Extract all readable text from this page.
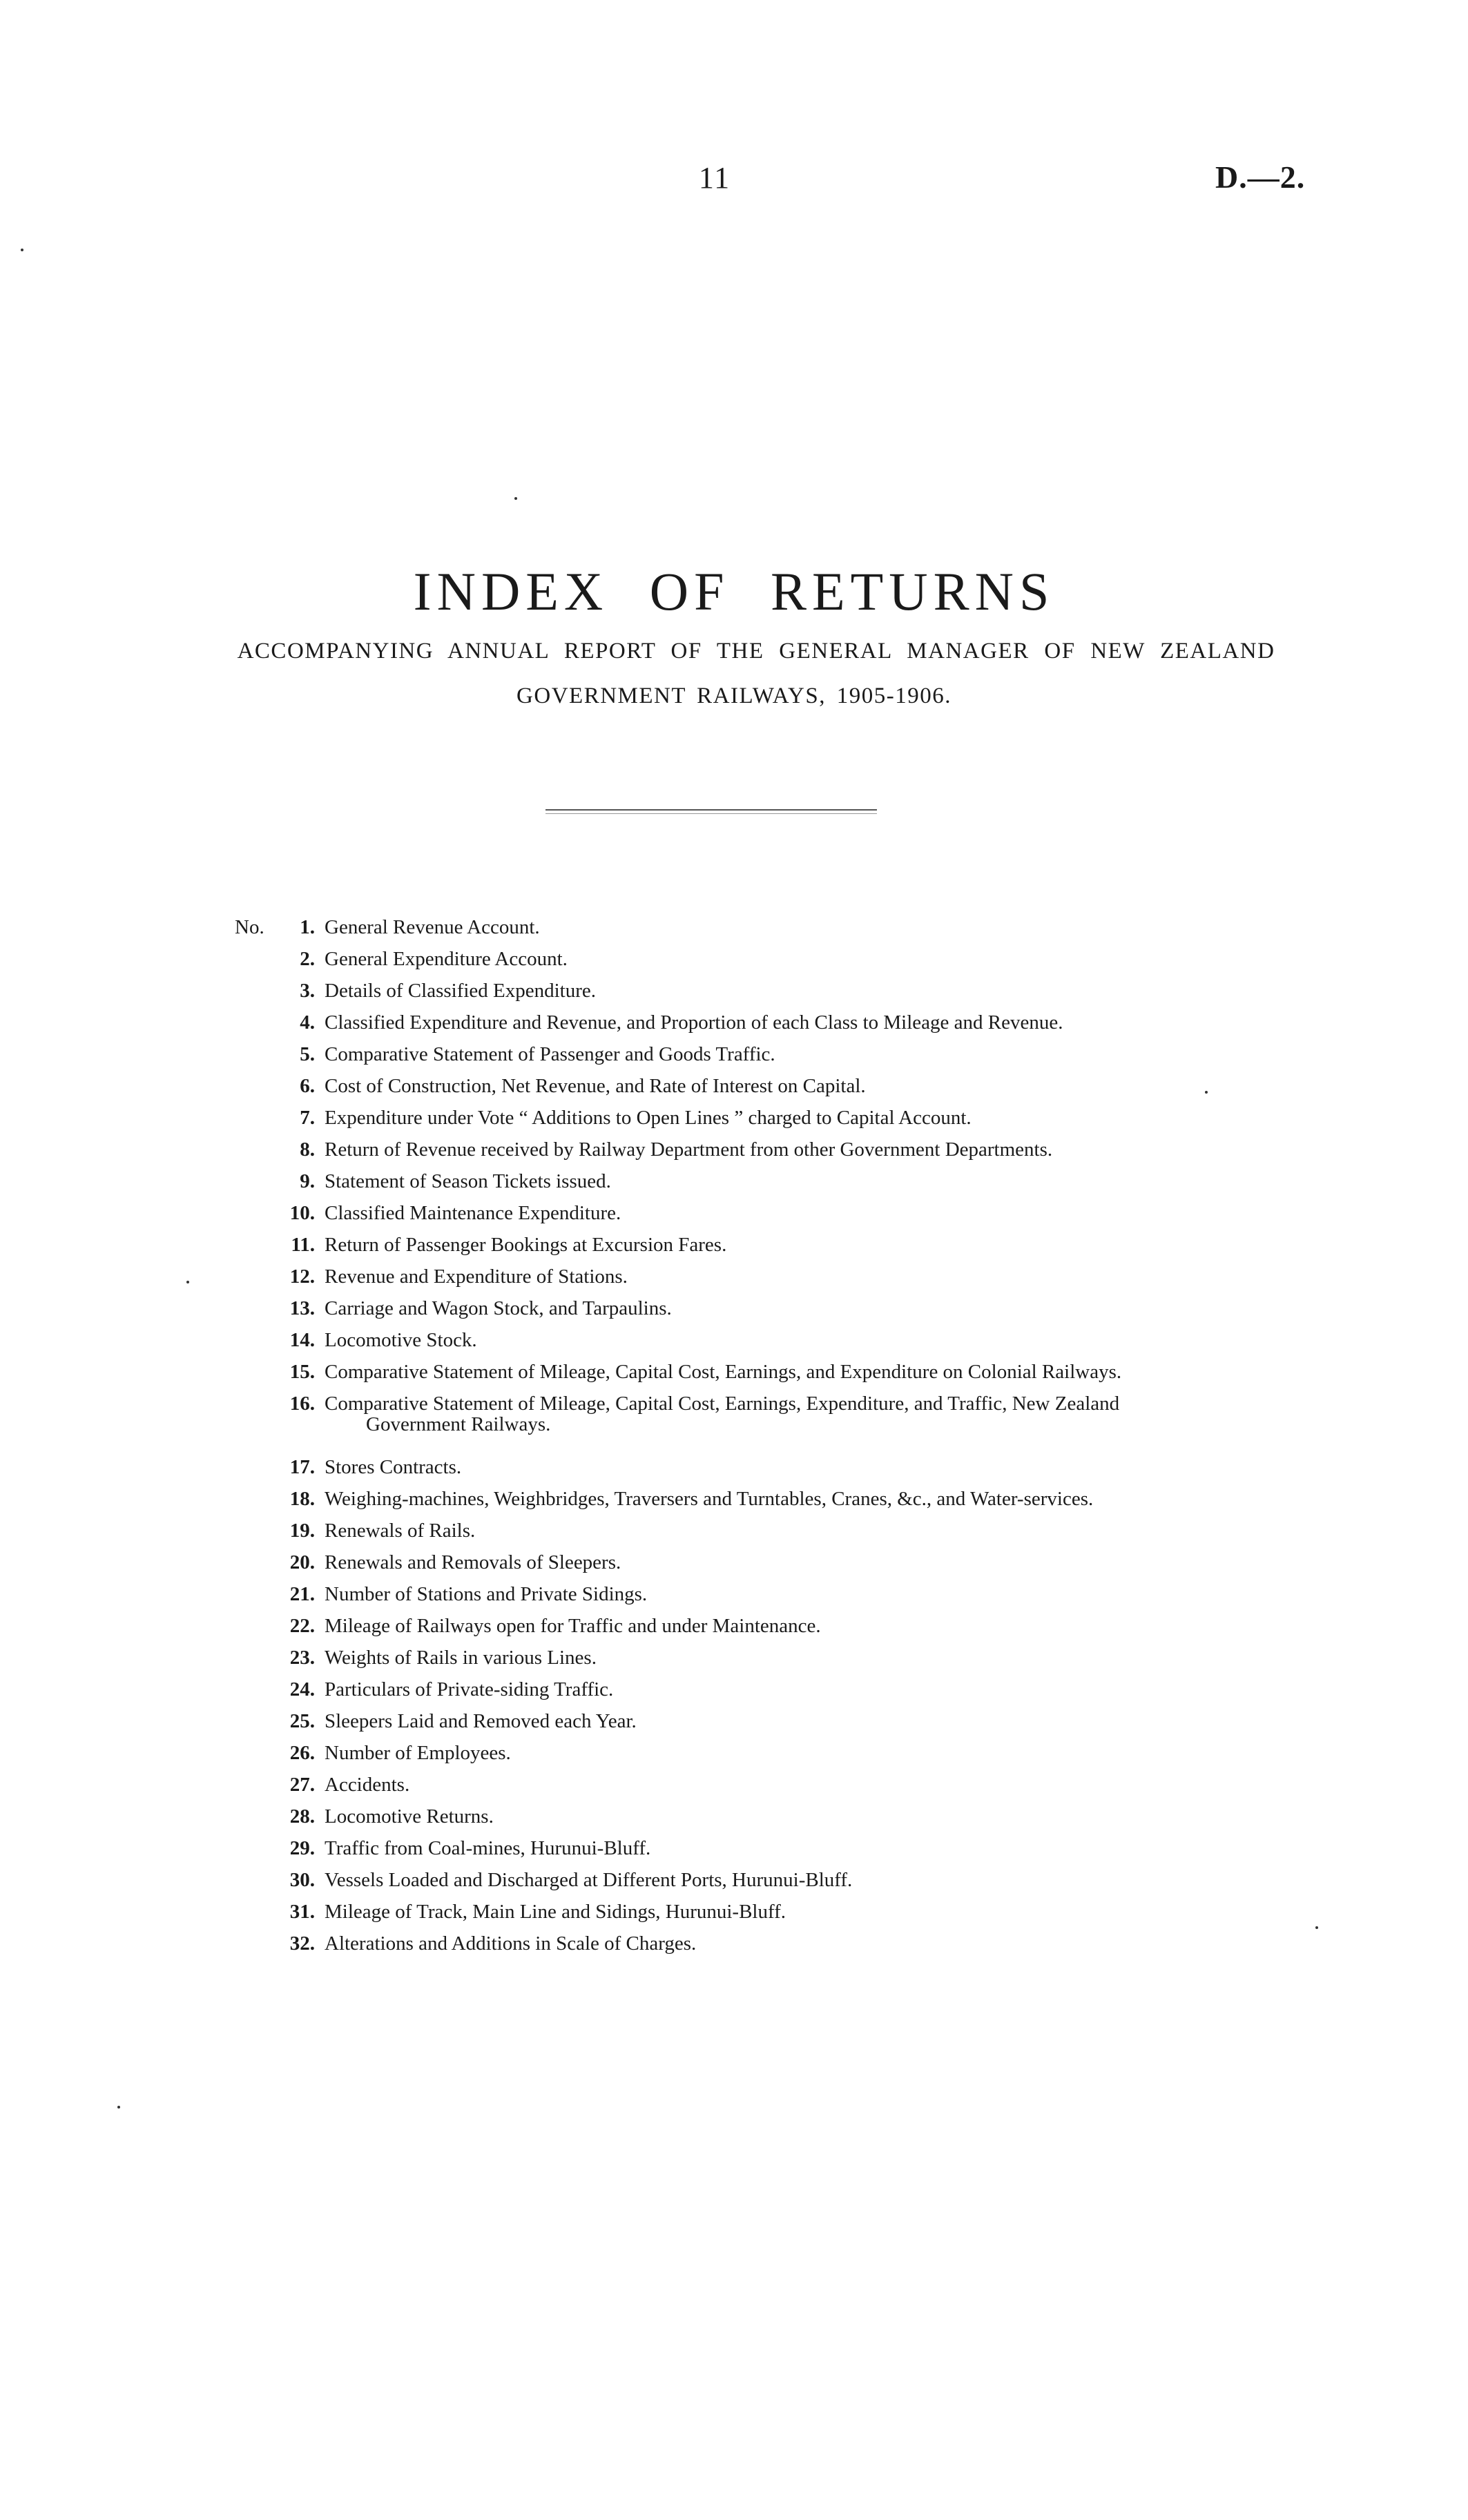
11	D.—2.
INDEX OF RETURNS
ACCOMPANYING ANNUAL REPORT OF THE GENERAL MANAGER OF NEW ZEALAND
GOVERNMENT RAILWAYS, 1905-1906.
No.	1. General Revenue Account.
2. General Expenditure Account.
3. Details of Classified Expenditure.
4. Classified Expenditure and Revenue, and Proportion of each Class to Mileage and Revenue.
5. Comparative Statement of Passenger and Goods Traffic.
6. Cost of Construction, Net Revenue, and Rate of Interest on Capital.
7. Expenditure under Vote “ Additions to Open Lines ” charged to Capital Account.
8. Return of Revenue received by Railway Department from other Government Departments.
9. Statement of Season Tickets issued.
10. Classified Maintenance Expenditure.
11. Return of Passenger Bookings at Excursion Fares.
12. Revenue and Expenditure of Stations.
13. Carriage and Wagon Stock, and Tarpaulins.
14. Locomotive Stock.
15. Comparative Statement of Mileage, Capital Cost, Earnings, and Expenditure on Colonial Railways.
16. Comparative Statement of Mileage, Capital Cost, Earnings, Expenditure, and Traffic, New Zealand
Government Railways.
17. Stores Contracts.
18. Weighing-machines, Weighbridges, Traversers and Turntables, Cranes, &c., and Water-services.
19. Renewals of Rails.
20. Renewals and Removals of Sleepers.
21. Number of Stations and Private Sidings.
22. Mileage of Railways open for Traffic and under Maintenance.
23. Weights of Rails in various Lines.
24. Particulars of Private-siding Traffic.
25. Sleepers Laid and Removed each Year.
26. Number of Employees.
27. Accidents.
28. Locomotive Returns.
29. Traffic from Coal-mines, Hurunui-Bluff.
30. Vessels Loaded and Discharged at Different Ports, Hurunui-Bluff.
31. Mileage of Track, Main Line and Sidings, Hurunui-Bluff.
32. Alterations and Additions in Scale of Charges.
